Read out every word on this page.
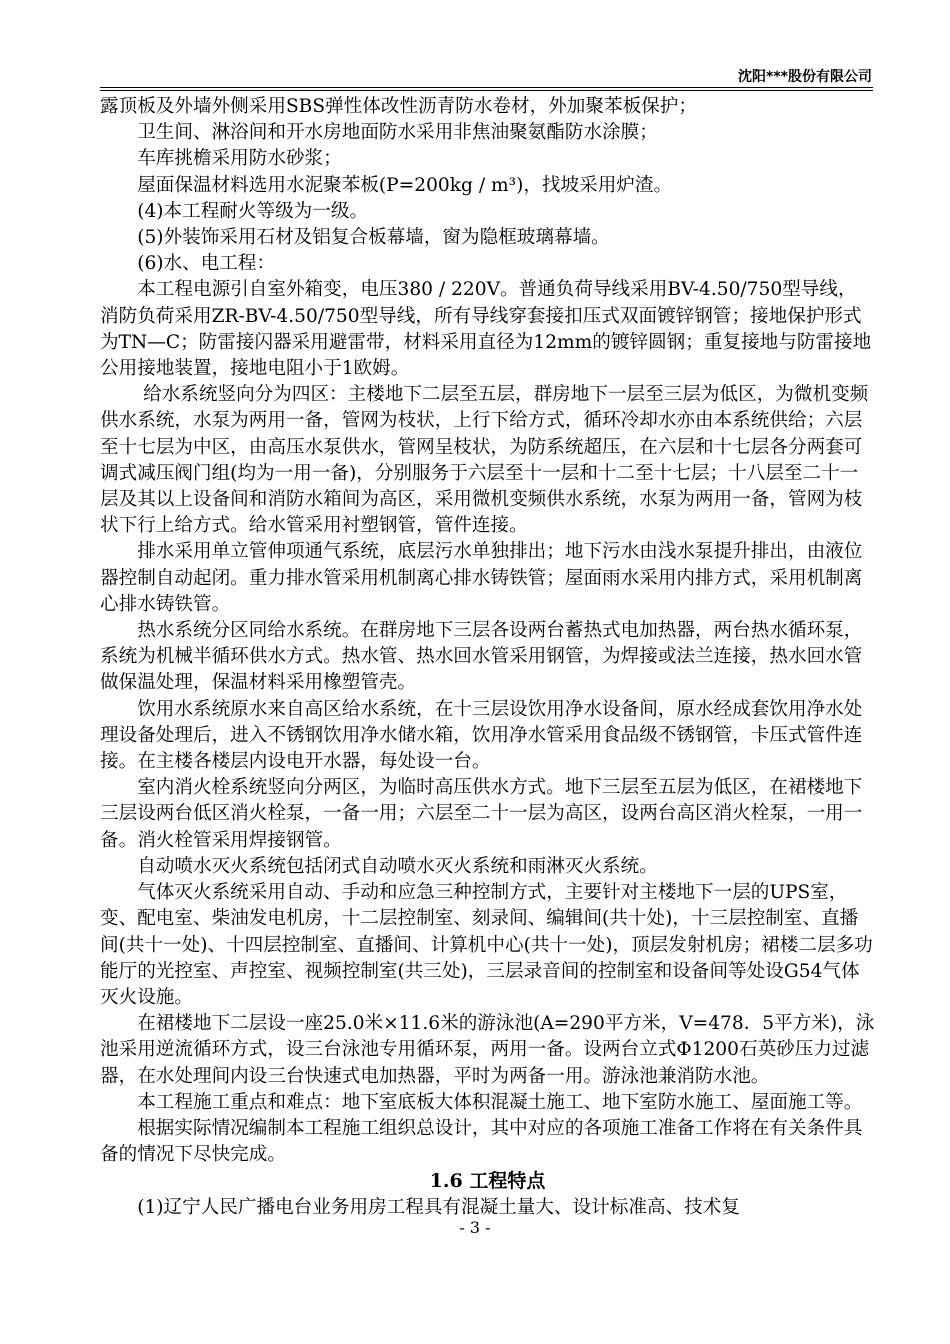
沈阳***股份有限公司

露顶板及外墙外侧采用SBS弹性体改性沥青防水卷材，外加聚苯板保护；

卫生间、淋浴间和开水房地面防水采用非焦油聚氨酯防水涂膜；

车库挑檐采用防水砂浆；

屋面保温材料选用水泥聚苯板(P=200kg / m³)，找坡采用炉渣。

(4)本工程耐火等级为一级。

(5)外装饰采用石材及铝复合板幕墙，窗为隐框玻璃幕墙。

(6)水、电工程：

本工程电源引自室外箱变，电压380 / 220V。普通负荷导线采用BV-4.50/750型导线，消防负荷采用ZR-BV-4.50/750型导线，所有导线穿套接扣压式双面镀锌钢管；接地保护形式为TN—C；防雷接闪器采用避雷带，材料采用直径为12mm的镀锌圆钢；重复接地与防雷接地公用接地装置，接地电阻小于1欧姆。

给水系统竖向分为四区：主楼地下二层至五层，群房地下一层至三层为低区，为微机变频供水系统，水泵为两用一备，管网为枝状，上行下给方式，循环冷却水亦由本系统供给；六层至十七层为中区，由高压水泵供水，管网呈枝状，为防系统超压，在六层和十七层各分两套可调式减压阀门组(均为一用一备)，分别服务于六层至十一层和十二至十七层；十八层至二十一层及其以上设备间和消防水箱间为高区，采用微机变频供水系统，水泵为两用一备，管网为枝状下行上给方式。给水管采用衬塑钢管，管件连接。

排水采用单立管伸项通气系统，底层污水单独排出；地下污水由浅水泵提升排出，由液位器控制自动起闭。重力排水管采用机制离心排水铸铁管；屋面雨水采用内排方式，采用机制离心排水铸铁管。

热水系统分区同给水系统。在群房地下三层各设两台蓄热式电加热器，两台热水循环泵，系统为机械半循环供水方式。热水管、热水回水管采用钢管，为焊接或法兰连接，热水回水管做保温处理，保温材料采用橡塑管壳。

饮用水系统原水来自高区给水系统，在十三层设饮用净水设备间，原水经成套饮用净水处理设备处理后，进入不锈钢饮用净水储水箱，饮用净水管采用食品级不锈钢管，卡压式管件连接。在主楼各楼层内设电开水器，每处设一台。

室内消火栓系统竖向分两区，为临时高压供水方式。地下三层至五层为低区，在裙楼地下三层设两台低区消火栓泵，一备一用；六层至二十一层为高区，设两台高区消火栓泵，一用一备。消火栓管采用焊接钢管。

自动喷水灭火系统包括闭式自动喷水灭火系统和雨淋灭火系统。

气体灭火系统采用自动、手动和应急三种控制方式，主要针对主楼地下一层的UPS室，变、配电室、柴油发电机房，十二层控制室、刻录间、编辑间(共十处)，十三层控制室、直播间(共十一处)、十四层控制室、直播间、计算机中心(共十一处)，顶层发射机房；裙楼二层多功能厅的光控室、声控室、视频控制室(共三处)，三层录音间的控制室和设备间等处设G54气体灭火设施。

在裙楼地下二层设一座25.0米×11.6米的游泳池(A=290平方米，V=478．5平方米)，泳池采用逆流循环方式，设三台泳池专用循环泵，两用一备。设两台立式Φ1200石英砂压力过滤器，在水处理间内设三台快速式电加热器，平时为两备一用。游泳池兼消防水池。

本工程施工重点和难点：地下室底板大体积混凝土施工、地下室防水施工、屋面施工等。

根据实际情况编制本工程施工组织总设计，其中对应的各项施工准备工作将在有关条件具备的情况下尽快完成。

1.6 工程特点

(1)辽宁人民广播电台业务用房工程具有混凝土量大、设计标准高、技术复

- 3 -
